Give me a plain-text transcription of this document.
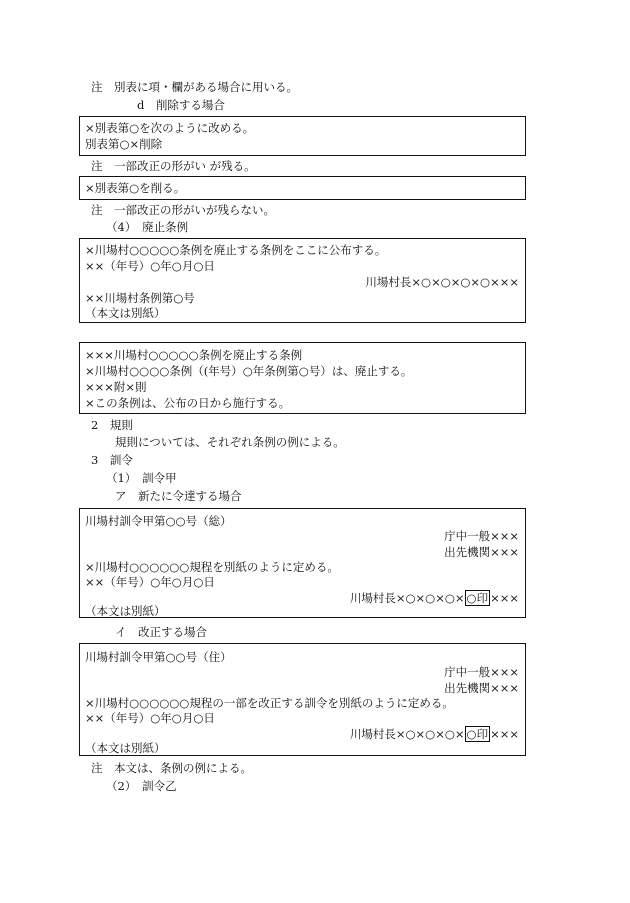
注　別表に項・欄がある場合に用いる。
d　削除する場合
×別表第○を次のように改める。
別表第○×削除
注　一部改正の形がい が残る。
×別表第○を削る。
注　一部改正の形がいが残らない。
（4）　廃止条例
×川場村○○○○○条例を廃止する条例をここに公布する。
××（年号）○年○月○日
川場村長×○×○×○×○×××
××川場村条例第○号
（本文は別紙）
×××川場村○○○○○条例を廃止する条例
×川場村○○○○条例（(年号）○年条例第○号）は、廃止する。
×××附×則
×この条例は、公布の日から施行する。
2　規則
規則については、それぞれ条例の例による。
3　訓令
（1）　訓令甲
ア　新たに令達する場合
川場村訓令甲第○○号（総）
庁中一般×××
出先機関×××
×川場村○○○○○○規程を別紙のように定める。
××（年号）○年○月○日
川場村長×○×○×○× ○印 ×××
（本文は別紙）
イ　改正する場合
川場村訓令甲第○○号（住）
庁中一般×××
出先機関×××
×川場村○○○○○○規程の一部を改正する訓令を別紙のように定める。
××（年号）○年○月○日
川場村長×○×○×○× ○印 ×××
（本文は別紙）
注　本文は、条例の例による。
（2）　訓令乙
